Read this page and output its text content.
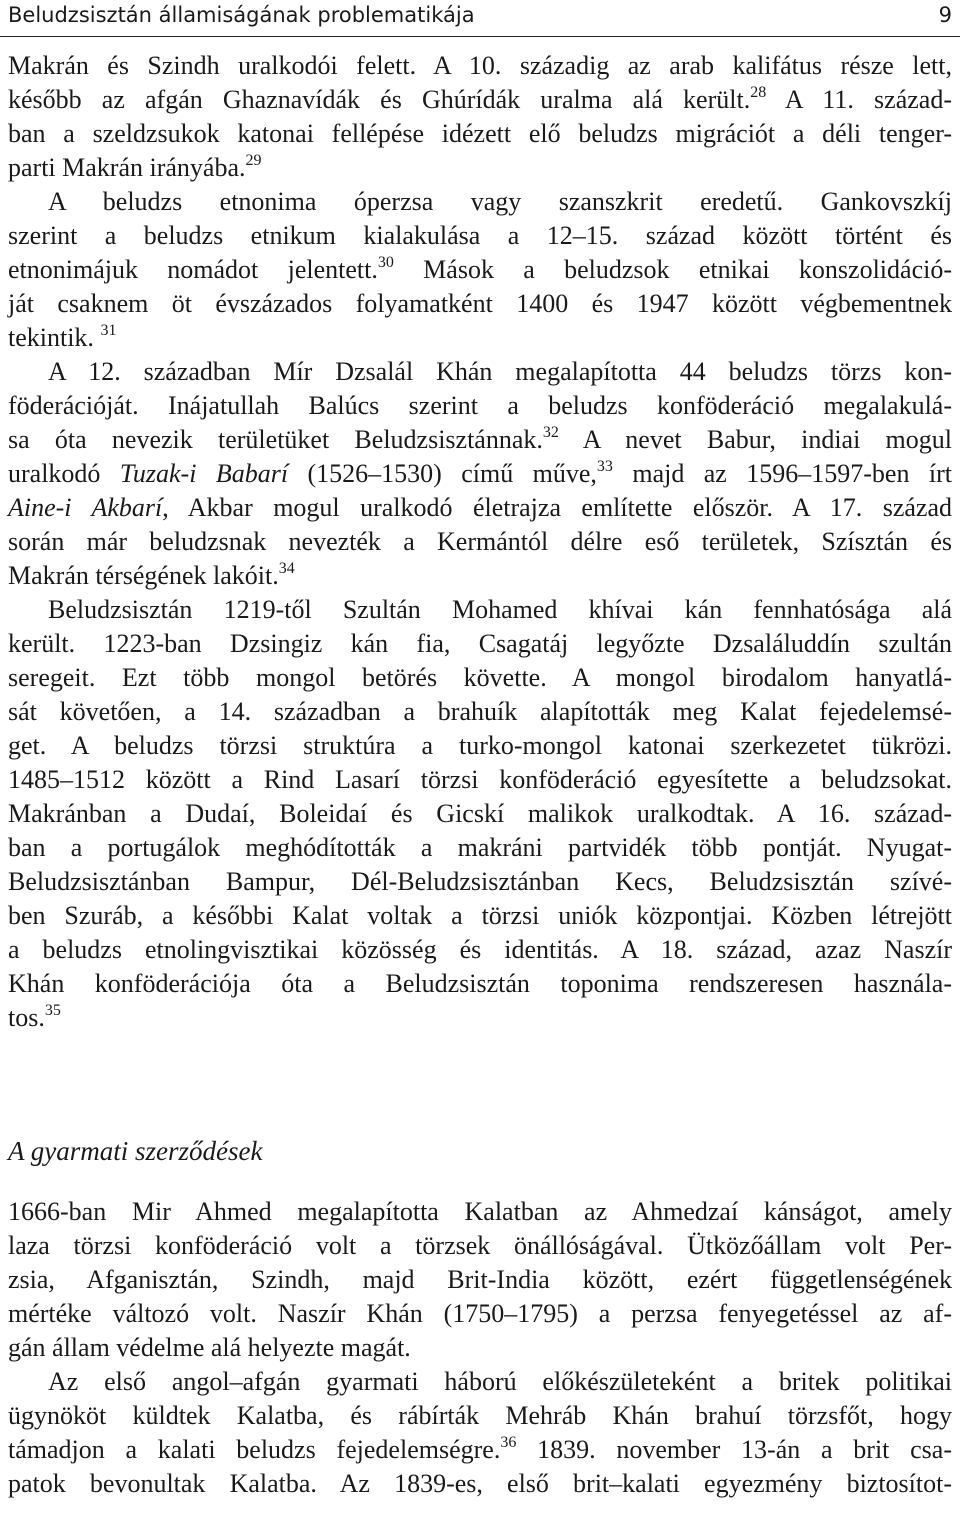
Beludzsisztán államiságának problematikája	9
Makrán és Szindh uralkodói felett. A 10. századig az arab kalifátus része lett,
később az afgán Ghaznavídák és Ghúrídák uralma alá került.$^{28}$ A 11. század-
ban a szeldzsukok katonai fellépése idézett elő beludzs migrációt a déli tenger-
parti Makrán irányába.$^{29}$
A beludzs etnonima óperzsa vagy szanszkrit eredetű. Gankovszkíj
szerint a beludzs etnikum kialakulása a 12–15. század között történt és
etnonimájuk nomádot jelentett.$^{30}$ Mások a beludzsok etnikai konszolidáció-
ját csaknem öt évszázados folyamatként 1400 és 1947 között végbementnek
tekintik. $^{31}$
A 12. században Mír Dzsalál Khán megalapította 44 beludzs törzs kon-
föderációját. Inájatullah Balúcs szerint a beludzs konföderáció megalakulá-
sa óta nevezik területüket Beludzsisztánnak.$^{32}$ A nevet Babur, indiai mogul
uralkodó Tuzak-i Babarí (1526–1530) című műve,$^{33}$ majd az 1596–1597-ben írt
Aine-i Akbarí, Akbar mogul uralkodó életrajza említette először. A 17. század
során már beludzsnak nevezték a Kermántól délre eső területek, Szísztán és
Makrán térségének lakóit.$^{34}$
Beludzsisztán 1219-től Szultán Mohamed khívai kán fennhatósága alá
került. 1223-ban Dzsingiz kán fia, Csagatáj legyőzte Dzsaláluddín szultán
seregeit. Ezt több mongol betörés követte. A mongol birodalom hanyatlá-
sát követően, a 14. században a brahuík alapították meg Kalat fejedelemsé-
get. A beludzs törzsi struktúra a turko-mongol katonai szerkezetet tükrözi.
1485–1512 között a Rind Lasarí törzsi konföderáció egyesítette a beludzsokat.
Makránban a Dudaí, Boleidaí és Gicskí malikok uralkodtak. A 16. század-
ban a portugálok meghódították a makráni partvidék több pontját. Nyugat-
Beludzsisztánban Bampur, Dél-Beludzsisztánban Kecs, Beludzsisztán szívé-
ben Szuráb, a későbbi Kalat voltak a törzsi uniók központjai. Közben létrejött
a beludzs etnolingvisztikai közösség és identitás. A 18. század, azaz Naszír
Khán konföderációja óta a Beludzsisztán toponima rendszeresen használa-
tos.$^{35}$
A gyarmati szerződések
1666-ban Mir Ahmed megalapította Kalatban az Ahmedzaí kánságot, amely
laza törzsi konföderáció volt a törzsek önállóságával. Ütközőállam volt Per-
zsia, Afganisztán, Szindh, majd Brit-India között, ezért függetlenségének
mértéke változó volt. Naszír Khán (1750–1795) a perzsa fenyegetéssel az af-
gán állam védelme alá helyezte magát.
Az első angol–afgán gyarmati háború előkészületeként a britek politikai
ügynököt küldtek Kalatba, és rábírták Mehráb Khán brahuí törzsfőt, hogy
támadjon a kalati beludzs fejedelemségre.$^{36}$ 1839. november 13-án a brit csa-
patok bevonultak Kalatba. Az 1839-es, első brit–kalati egyezmény biztosítot-
